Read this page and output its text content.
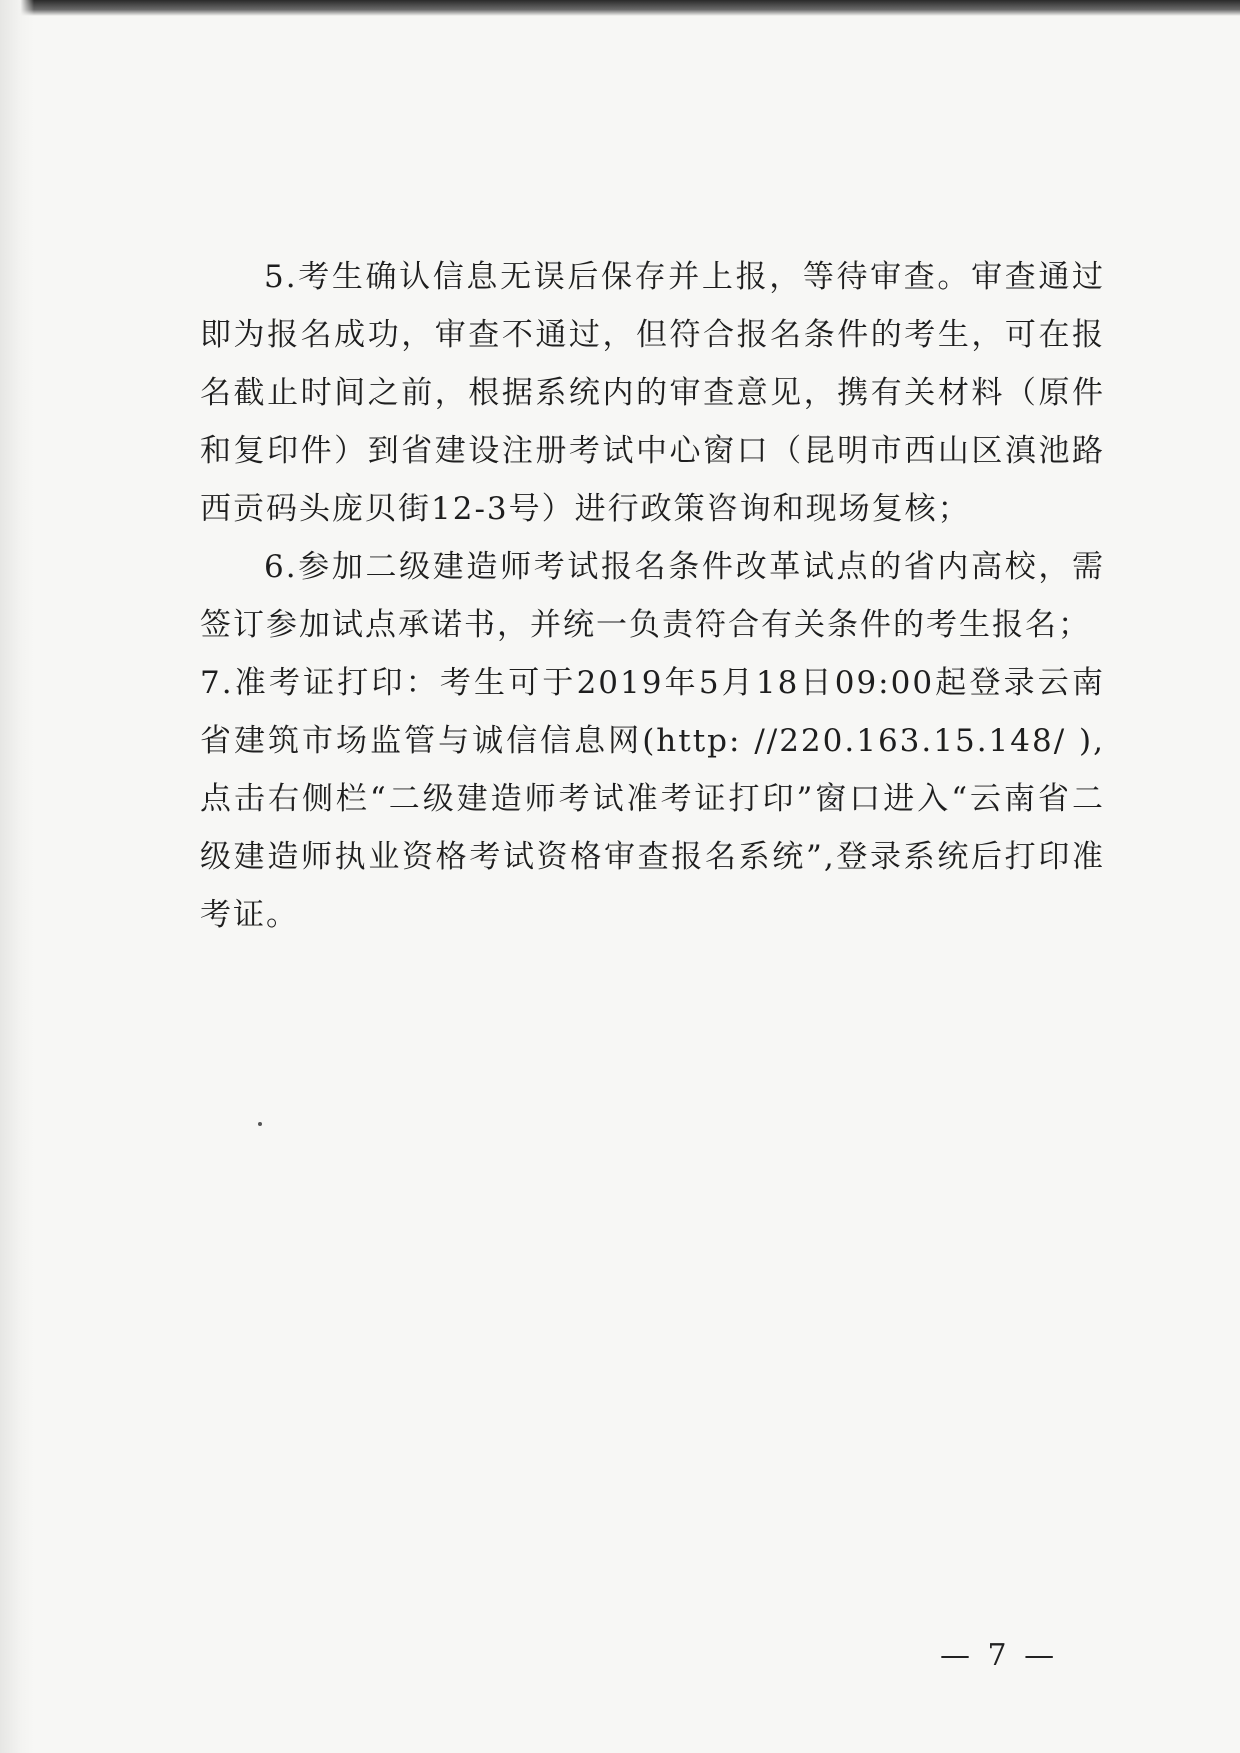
5.考生确认信息无误后保存并上报，等待审查。审查通过即为报名成功，审查不通过，但符合报名条件的考生，可在报名截止时间之前，根据系统内的审查意见，携有关材料（原件和复印件）到省建设注册考试中心窗口（昆明市西山区滇池路西贡码头庞贝街12-3号）进行政策咨询和现场复核；

6.参加二级建造师考试报名条件改革试点的省内高校，需签订参加试点承诺书，并统一负责符合有关条件的考生报名；

7.准考证打印：考生可于2019年5月18日09:00起登录云南省建筑市场监管与诚信信息网(http: //220.163.15.148/ ),点击右侧栏“二级建造师考试准考证打印”窗口进入“云南省二级建造师执业资格考试资格审查报名系统”,登录系统后打印准考证。

— 7 —
